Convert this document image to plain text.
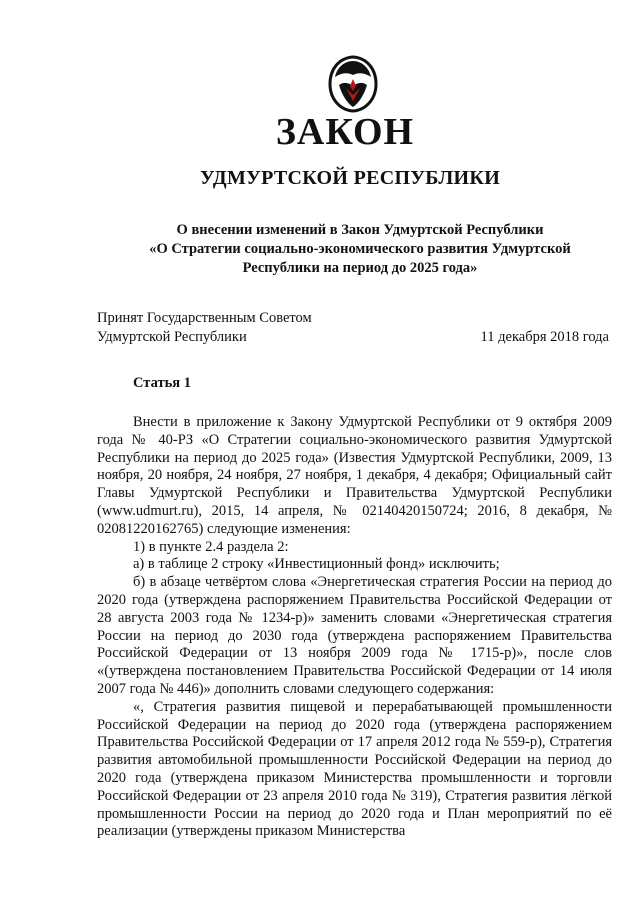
ЗАКОН
УДМУРТСКОЙ РЕСПУБЛИКИ
О внесении изменений в Закон Удмуртской Республики
«О Стратегии социально-экономического развития Удмуртской
Республики на период до 2025 года»
Принят Государственным Советом
Удмуртской Республики	11 декабря 2018 года
Статья 1

Внести в приложение к Закону Удмуртской Республики от 9 октября 2009 года № 40-РЗ «О Стратегии социально-экономического развития Удмуртской Республики на период до 2025 года» (Известия Удмуртской Республики, 2009, 13 ноября, 20 ноября, 24 ноября, 27 ноября, 1 декабря, 4 декабря; Официальный сайт Главы Удмуртской Республики и Правительства Удмуртской Республики (www.udmurt.ru), 2015, 14 апреля, № 02140420150724; 2016, 8 декабря, № 02081220162765) следующие изменения:

1) в пункте 2.4 раздела 2:

а) в таблице 2 строку «Инвестиционный фонд» исключить;

б) в абзаце четвёртом слова «Энергетическая стратегия России на период до 2020 года (утверждена распоряжением Правительства Российской Федерации от 28 августа 2003 года № 1234-р)» заменить словами «Энергетическая стратегия России на период до 2030 года (утверждена распоряжением Правительства Российской Федерации от 13 ноября 2009 года № 1715-р)», после слов «(утверждена постановлением Правительства Российской Федерации от 14 июля 2007 года № 446)» дополнить словами следующего содержания:

«, Стратегия развития пищевой и перерабатывающей промышленности Российской Федерации на период до 2020 года (утверждена распоряжением Правительства Российской Федерации от 17 апреля 2012 года № 559-р), Стратегия развития автомобильной промышленности Российской Федерации на период до 2020 года (утверждена приказом Министерства промышленности и торговли Российской Федерации от 23 апреля 2010 года № 319), Стратегия развития лёгкой промышленности России на период до 2020 года и План мероприятий по её реализации (утверждены приказом Министерства
